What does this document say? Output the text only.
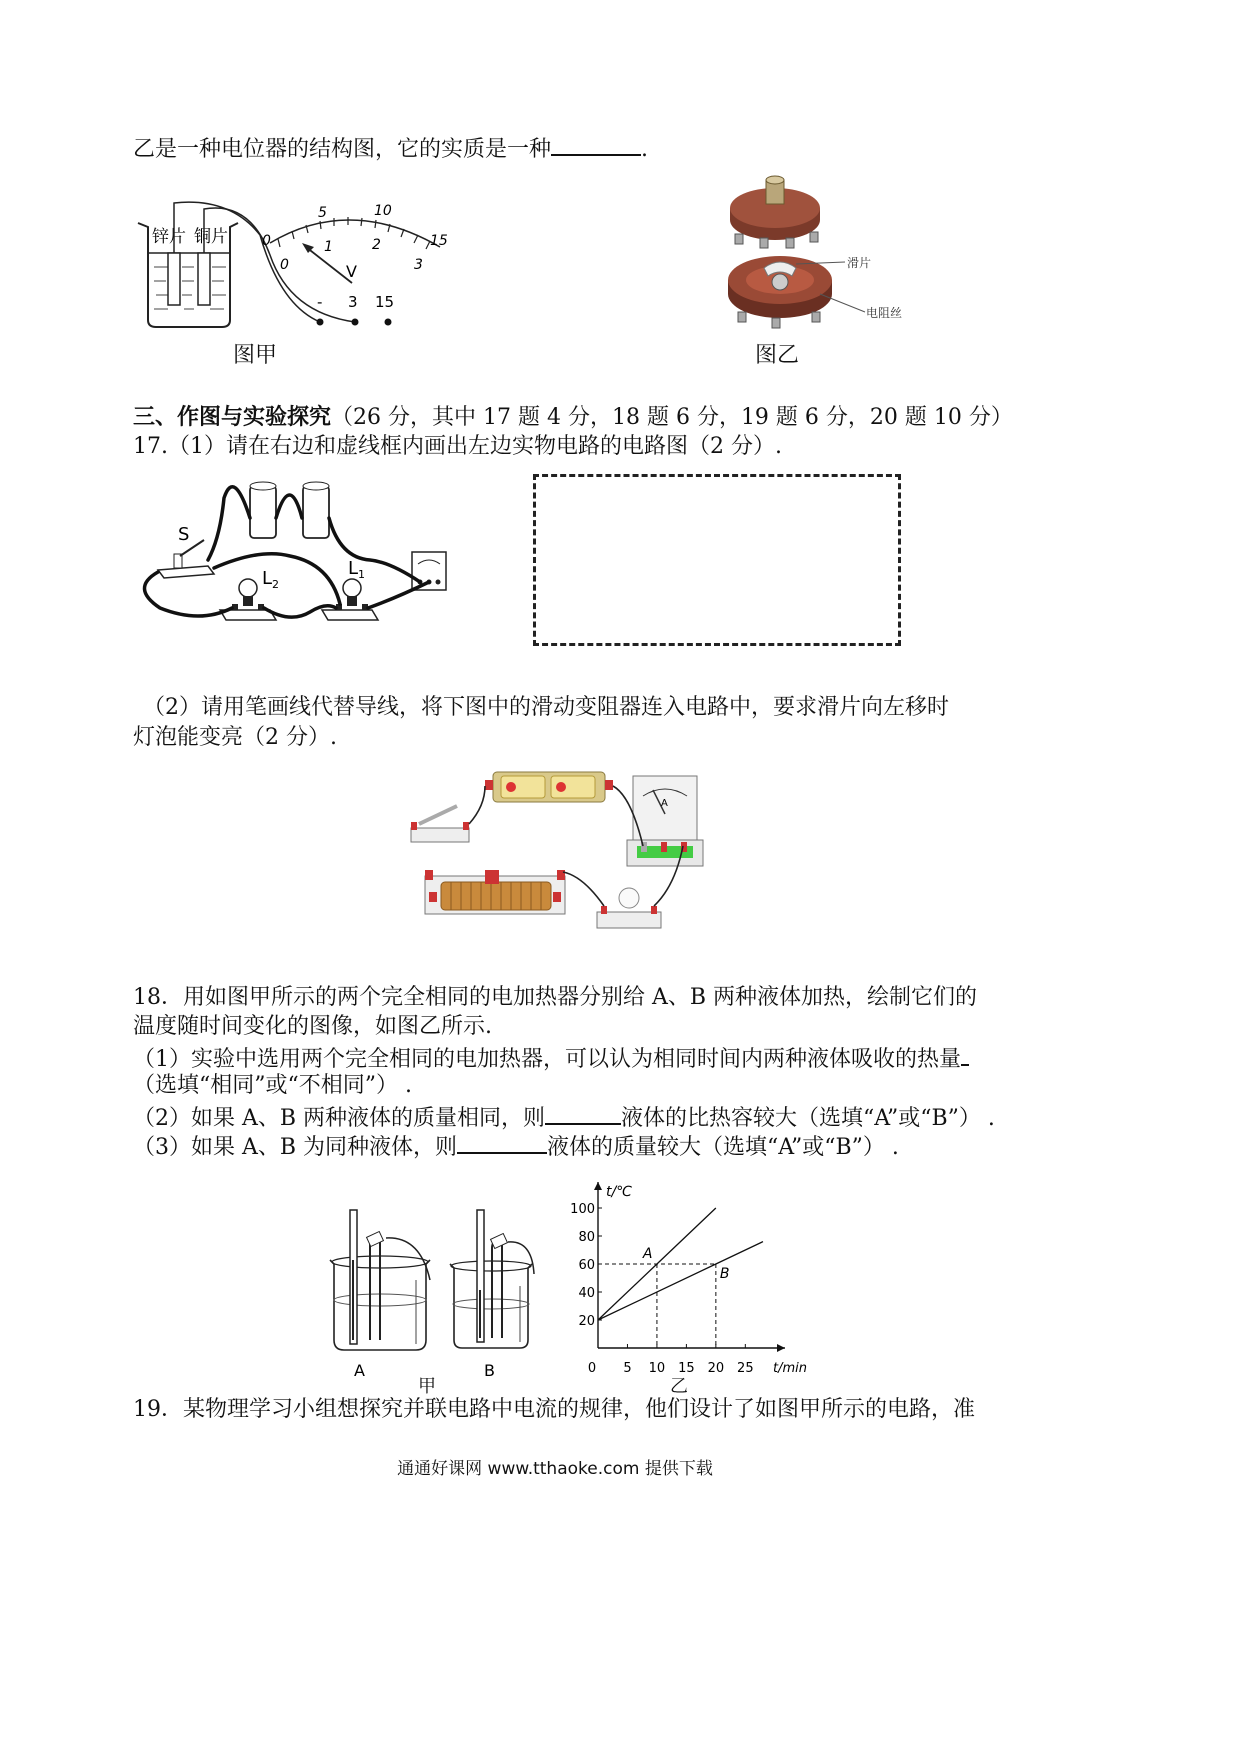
乙是一种电位器的结构图，它的实质是一种	.
锌片 铜片 0
5	10
15
0
1	2
3
V
- 3 15
图甲
滑片
电阻丝
图乙
三、作图与实验探究（26 分，其中 17 题 4 分，18 题 6 分，19 题 6 分，20 题 10 分）
17.（1）请在右边和虚线框内画出左边实物电路的电路图（2 分）.
S
$L_2$
$L_1$
（2）请用笔画线代替导线，将下图中的滑动变阻器连入电路中，要求滑片向左移时
灯泡能变亮（2 分）.
A
18．用如图甲所示的两个完全相同的电加热器分别给 A、B 两种液体加热，绘制它们的
温度随时间变化的图像，如图乙所示.
（1）实验中选用两个完全相同的电加热器，可以认为相同时间内两种液体吸收的热量
（选填“相同”或“不相同”） .
（2）如果 A、B 两种液体的质量相同，则	液体的比热容较大（选填“A”或“B”） .
（3）如果 A、B 为同种液体，则	液体的质量较大（选填“A”或“B”） .
A	B
甲
20
40
60
80
100
0 5 10 15 20 25
t/℃
t/min
A
B
乙
19．某物理学习小组想探究并联电路中电流的规律，他们设计了如图甲所示的电路，准
通通好课网 www.tthaoke.com 提供下载
